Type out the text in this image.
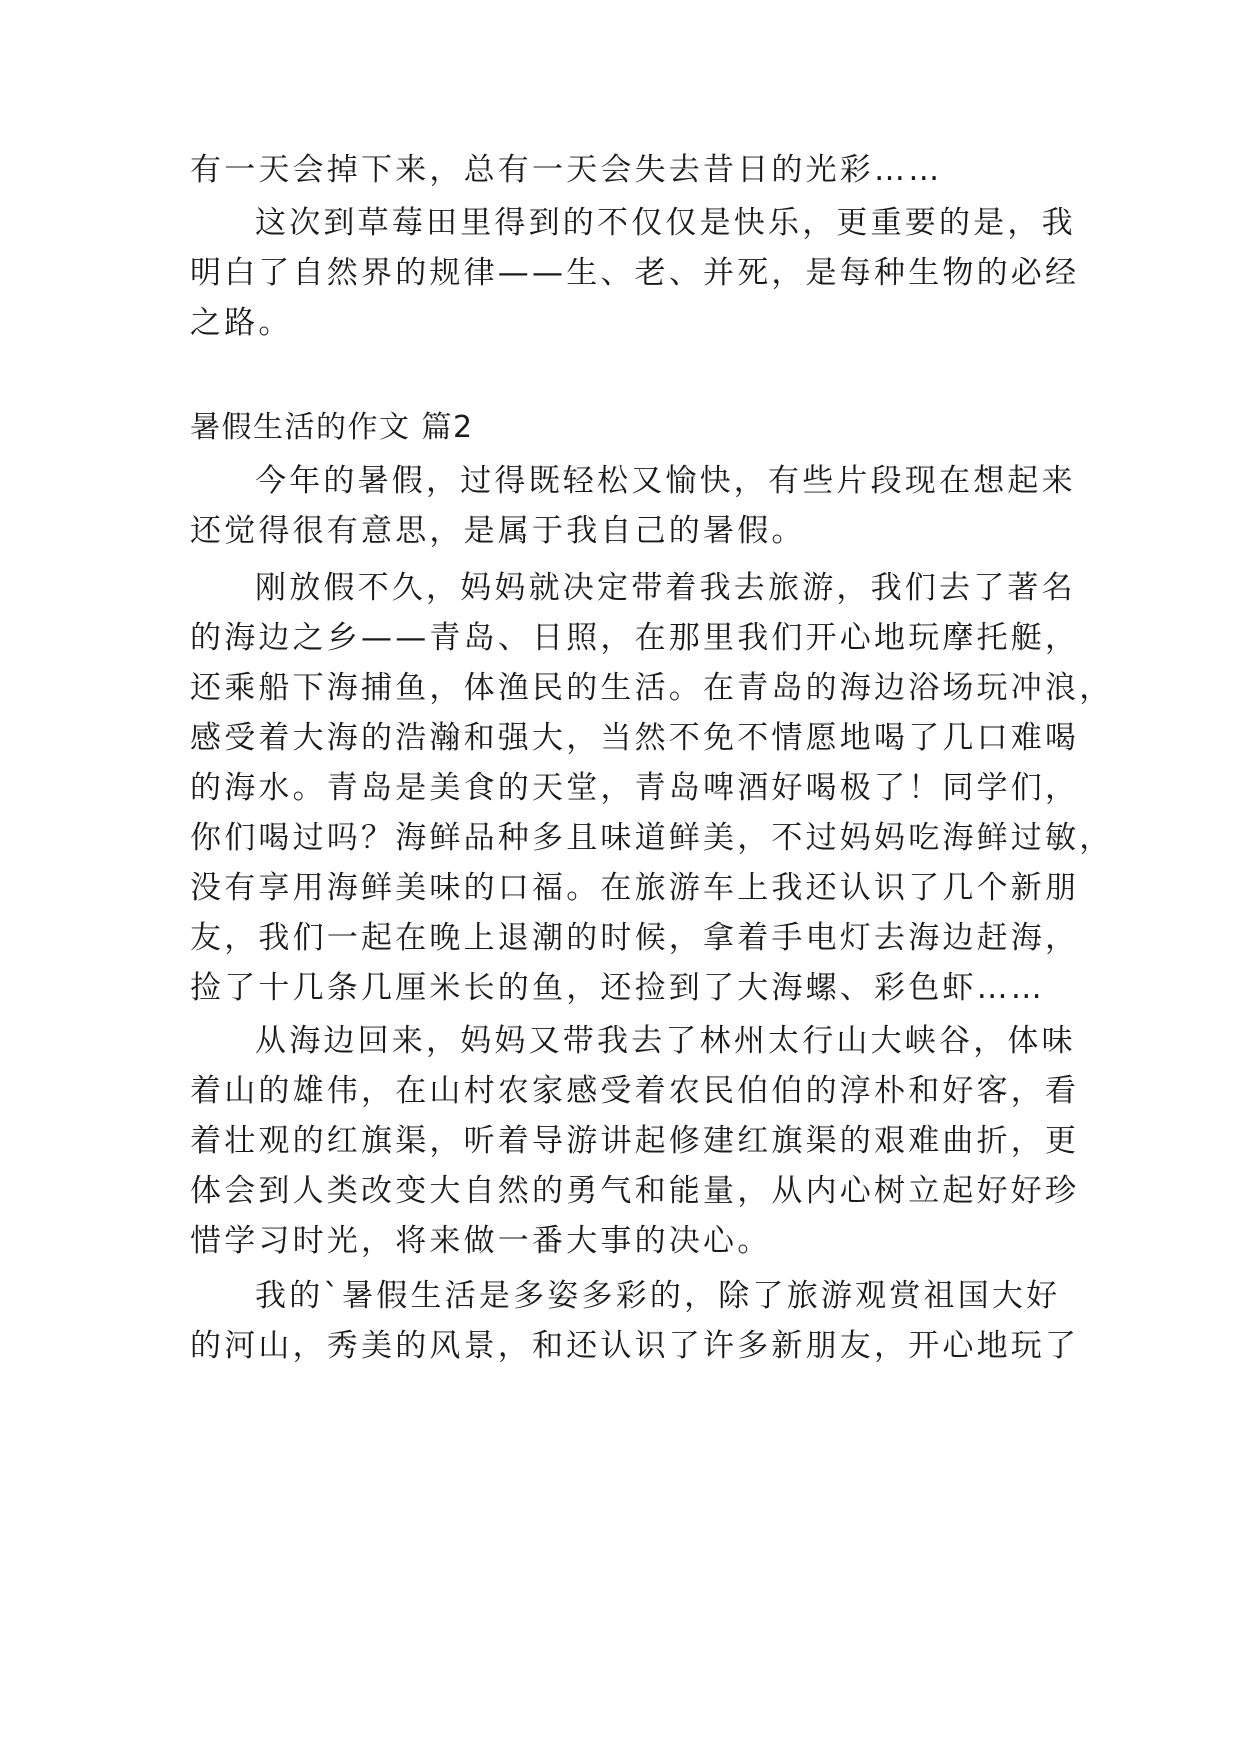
有一天会掉下来，总有一天会失去昔日的光彩……
这次到草莓田里得到的不仅仅是快乐，更重要的是，我
明白了自然界的规律——生、老、并死，是每种生物的必经
之路。
暑假生活的作文 篇2
今年的暑假，过得既轻松又愉快，有些片段现在想起来
还觉得很有意思，是属于我自己的暑假。
刚放假不久，妈妈就决定带着我去旅游，我们去了著名
的海边之乡——青岛、日照，在那里我们开心地玩摩托艇，
还乘船下海捕鱼，体渔民的生活。在青岛的海边浴场玩冲浪，
感受着大海的浩瀚和强大，当然不免不情愿地喝了几口难喝
的海水。青岛是美食的天堂，青岛啤酒好喝极了！同学们，
你们喝过吗？海鲜品种多且味道鲜美，不过妈妈吃海鲜过敏，
没有享用海鲜美味的口福。在旅游车上我还认识了几个新朋
友，我们一起在晚上退潮的时候，拿着手电灯去海边赶海，
捡了十几条几厘米长的鱼，还捡到了大海螺、彩色虾……
从海边回来，妈妈又带我去了林州太行山大峡谷，体味
着山的雄伟，在山村农家感受着农民伯伯的淳朴和好客，看
着壮观的红旗渠，听着导游讲起修建红旗渠的艰难曲折，更
体会到人类改变大自然的勇气和能量，从内心树立起好好珍
惜学习时光，将来做一番大事的决心。
我的`暑假生活是多姿多彩的，除了旅游观赏祖国大好
的河山，秀美的风景，和还认识了许多新朋友，开心地玩了
